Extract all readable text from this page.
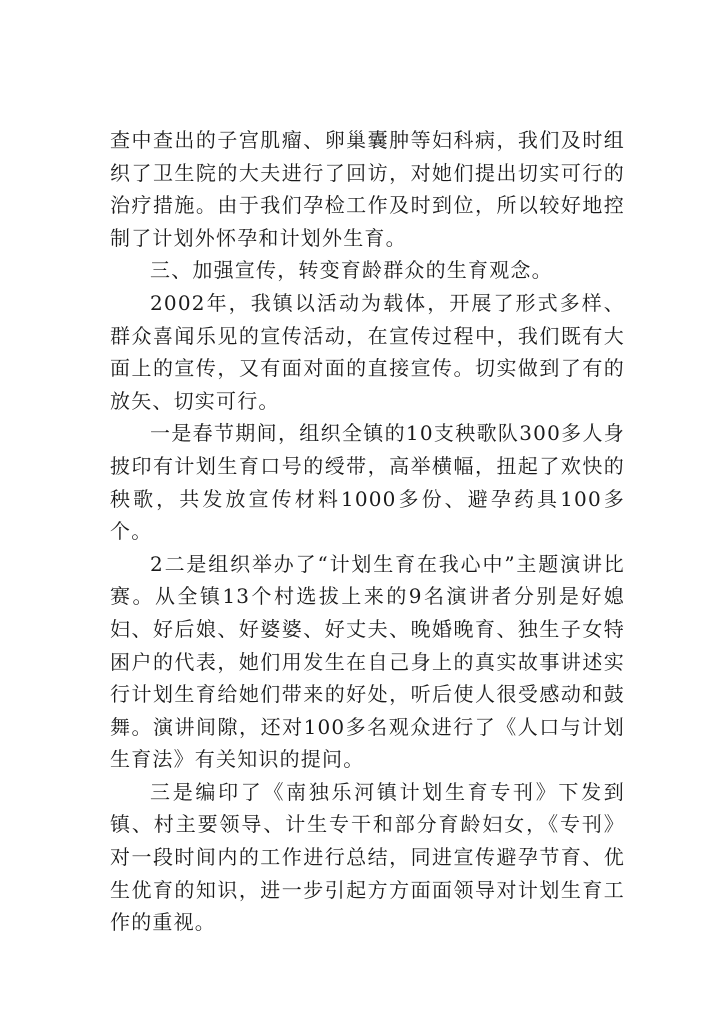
查中查出的子宫肌瘤、卵巢囊肿等妇科病，我们及时组织了卫生院的大夫进行了回访，对她们提出切实可行的治疗措施。由于我们孕检工作及时到位，所以较好地控制了计划外怀孕和计划外生育。

三、加强宣传，转变育龄群众的生育观念。

2002年，我镇以活动为载体，开展了形式多样、群众喜闻乐见的宣传活动，在宣传过程中，我们既有大面上的宣传，又有面对面的直接宣传。切实做到了有的放矢、切实可行。

一是春节期间，组织全镇的10支秧歌队300多人身披印有计划生育口号的绶带，高举横幅，扭起了欢快的秧歌，共发放宣传材料1000多份、避孕药具100多个。

2二是组织举办了“计划生育在我心中”主题演讲比赛。从全镇13个村选拔上来的9名演讲者分别是好媳妇、好后娘、好婆婆、好丈夫、晚婚晚育、独生子女特困户的代表，她们用发生在自己身上的真实故事讲述实行计划生育给她们带来的好处，听后使人很受感动和鼓舞。演讲间隙，还对100多名观众进行了《人口与计划生育法》有关知识的提问。

三是编印了《南独乐河镇计划生育专刊》下发到镇、村主要领导、计生专干和部分育龄妇女，《专刊》对一段时间内的工作进行总结，同进宣传避孕节育、优生优育的知识，进一步引起方方面面领导对计划生育工作的重视。
